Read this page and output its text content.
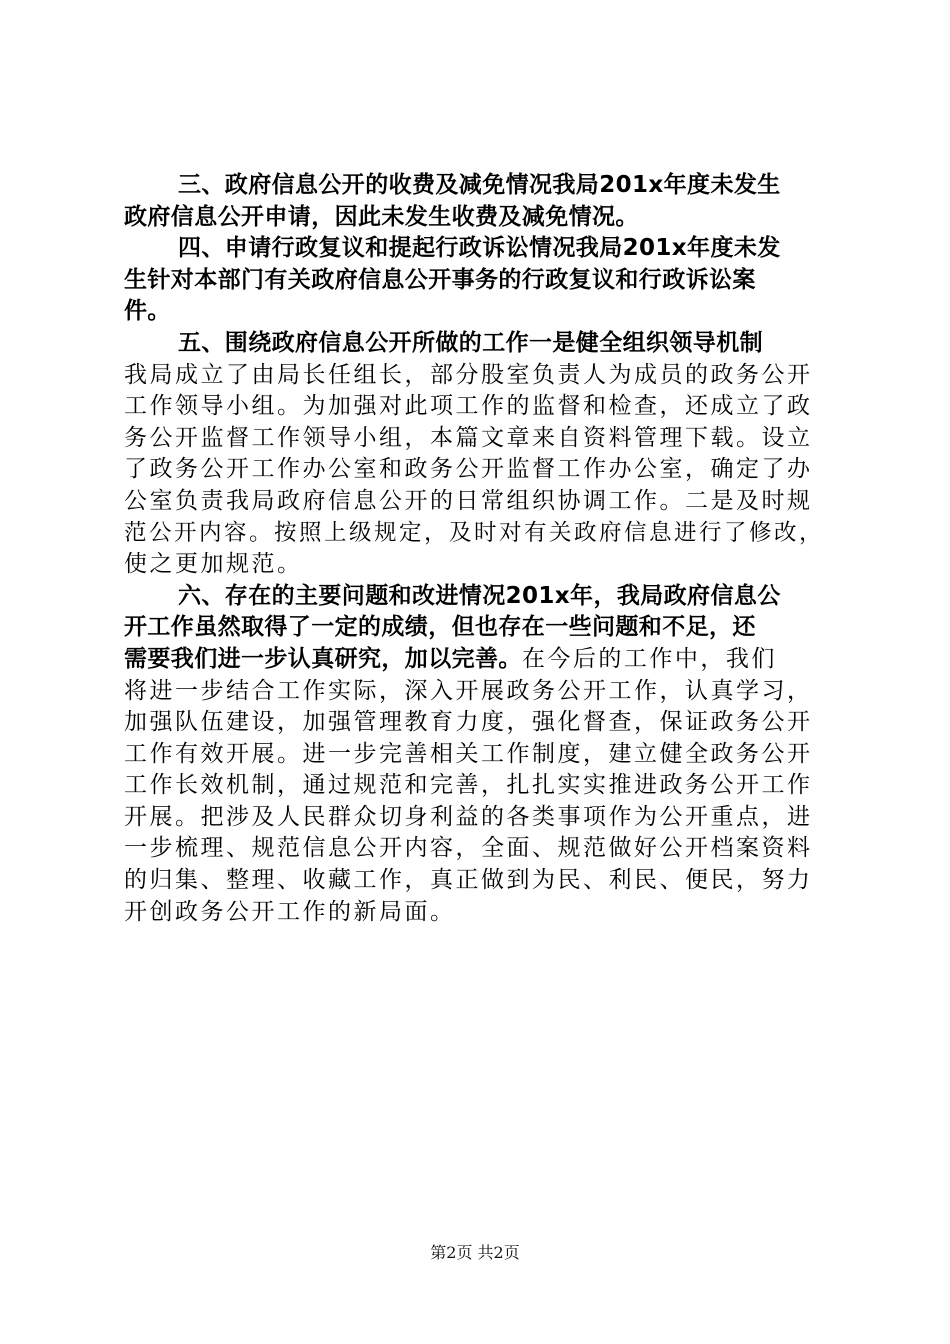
三、政府信息公开的收费及减免情况我局201x年度未发生
政府信息公开申请，因此未发生收费及减免情况。
四、申请行政复议和提起行政诉讼情况我局201x年度未发
生针对本部门有关政府信息公开事务的行政复议和行政诉讼案
件。
五、围绕政府信息公开所做的工作一是健全组织领导机制
我局成立了由局长任组长，部分股室负责人为成员的政务公开
工作领导小组。为加强对此项工作的监督和检查，还成立了政
务公开监督工作领导小组，本篇文章来自资料管理下载。设立
了政务公开工作办公室和政务公开监督工作办公室，确定了办
公室负责我局政府信息公开的日常组织协调工作。二是及时规
范公开内容。按照上级规定，及时对有关政府信息进行了修改，
使之更加规范。
六、存在的主要问题和改进情况201x年，我局政府信息公
开工作虽然取得了一定的成绩，但也存在一些问题和不足，还
需要我们进一步认真研究，加以完善。在今后的工作中，我们
将进一步结合工作实际，深入开展政务公开工作，认真学习，
加强队伍建设，加强管理教育力度，强化督查，保证政务公开
工作有效开展。进一步完善相关工作制度，建立健全政务公开
工作长效机制，通过规范和完善，扎扎实实推进政务公开工作
开展。把涉及人民群众切身利益的各类事项作为公开重点，进
一步梳理、规范信息公开内容，全面、规范做好公开档案资料
的归集、整理、收藏工作，真正做到为民、利民、便民，努力
开创政务公开工作的新局面。
第2页 共2页
